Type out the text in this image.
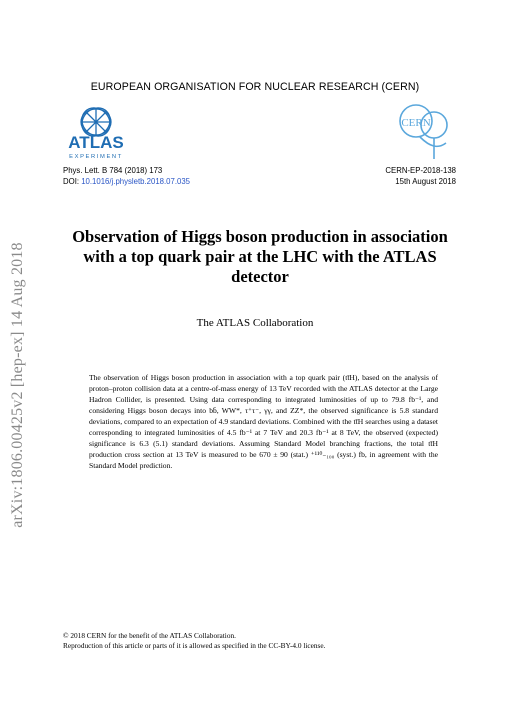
EUROPEAN ORGANISATION FOR NUCLEAR RESEARCH (CERN)
ATLAS
EXPERIMENT
CERN
Phys. Lett. B 784 (2018) 173
DOI: 10.1016/j.physletb.2018.07.035
CERN-EP-2018-138
15th August 2018
arXiv:1806.00425v2 [hep-ex] 14 Aug 2018
Observation of Higgs boson production in association with a top quark pair at the LHC with the ATLAS detector
The ATLAS Collaboration

The observation of Higgs boson production in association with a top quark pair (tt̄H), based on the analysis of proton–proton collision data at a centre-of-mass energy of 13 TeV recorded with the ATLAS detector at the Large Hadron Collider, is presented. Using data corresponding to integrated luminosities of up to 79.8 fb⁻¹, and considering Higgs boson decays into bb̄, WW*, τ⁺τ⁻, γγ, and ZZ*, the observed significance is 5.8 standard deviations, compared to an expectation of 4.9 standard deviations. Combined with the tt̄H searches using a dataset corresponding to integrated luminosities of 4.5 fb⁻¹ at 7 TeV and 20.3 fb⁻¹ at 8 TeV, the observed (expected) significance is 6.3 (5.1) standard deviations. Assuming Standard Model branching fractions, the total tt̄H production cross section at 13 TeV is measured to be 670 ± 90 (stat.) ⁺¹¹⁰₋₁₀₀ (syst.) fb, in agreement with the Standard Model prediction.

© 2018 CERN for the benefit of the ATLAS Collaboration.
Reproduction of this article or parts of it is allowed as specified in the CC-BY-4.0 license.
